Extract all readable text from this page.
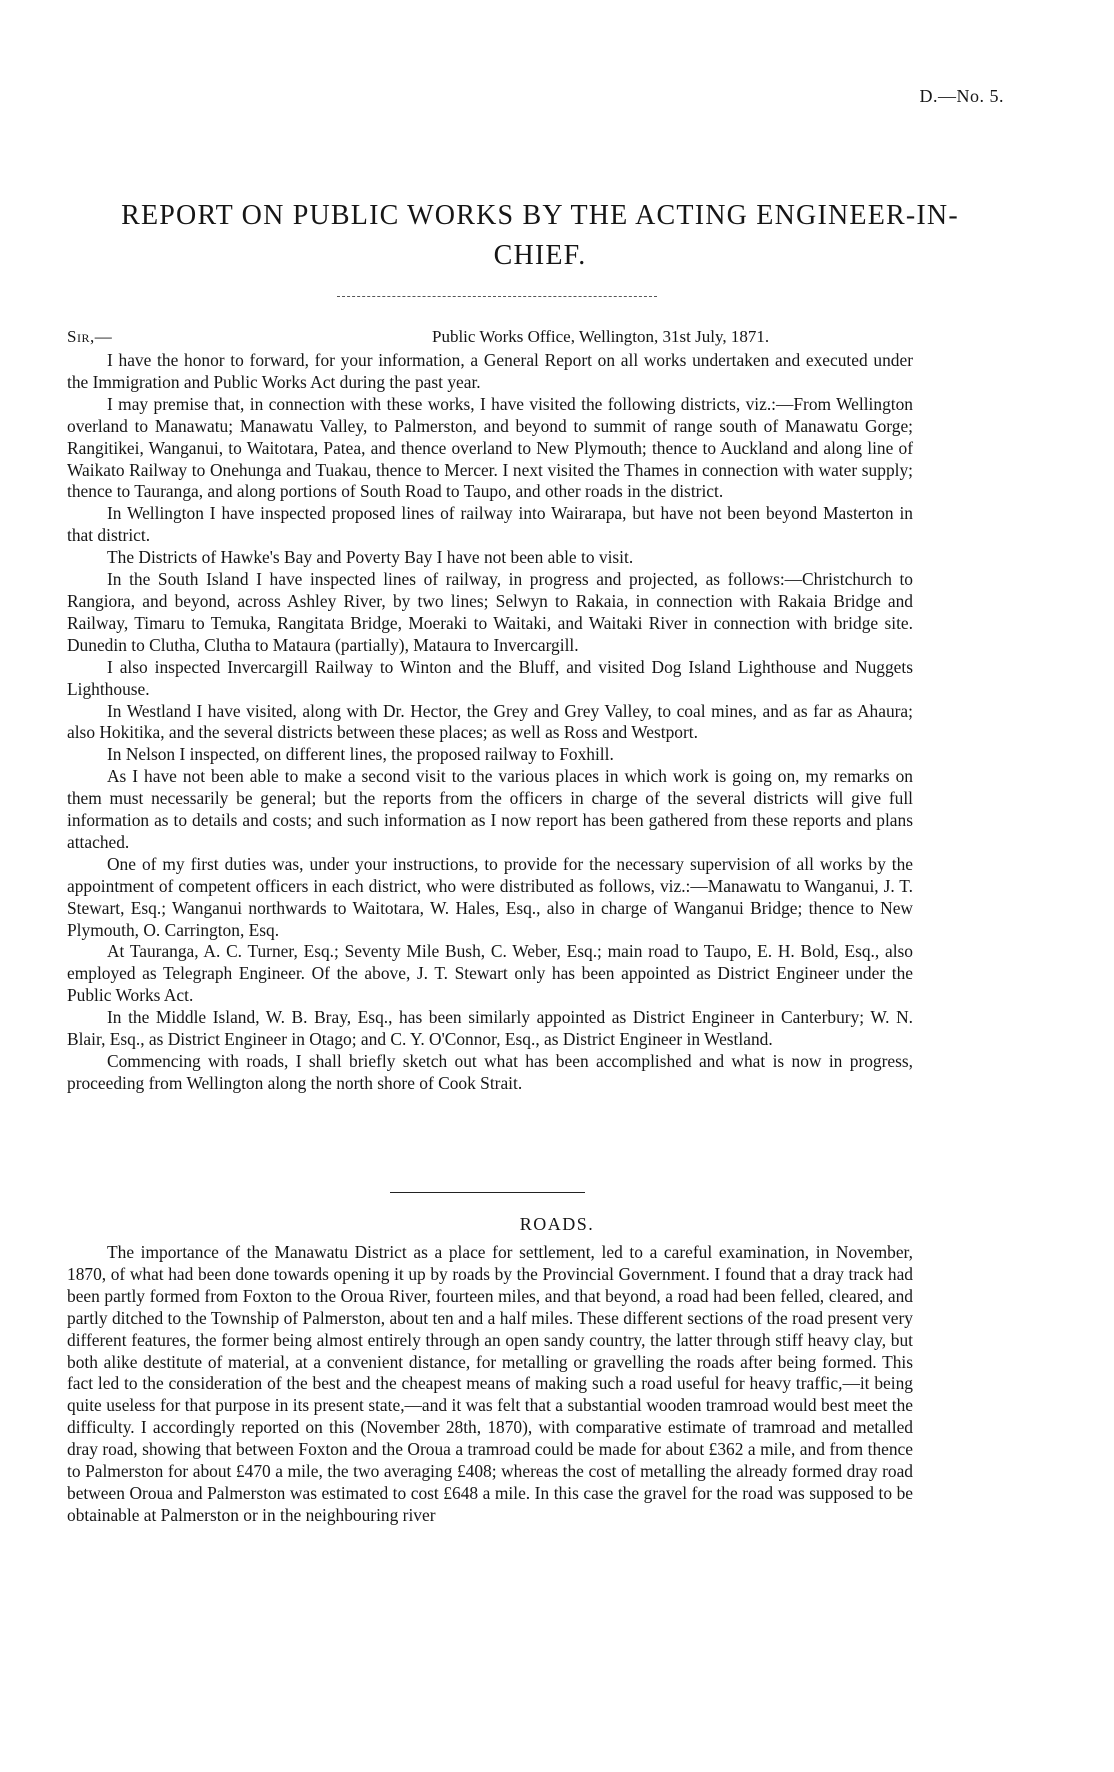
D.—No. 5.
REPORT ON PUBLIC WORKS BY THE ACTING ENGINEER-IN-CHIEF.
Sir,—	Public Works Office, Wellington, 31st July, 1871.

I have the honor to forward, for your information, a General Report on all works undertaken and executed under the Immigration and Public Works Act during the past year.

I may premise that, in connection with these works, I have visited the following districts, viz.:—From Wellington overland to Manawatu; Manawatu Valley, to Palmerston, and beyond to summit of range south of Manawatu Gorge; Rangitikei, Wanganui, to Waitotara, Patea, and thence overland to New Plymouth; thence to Auckland and along line of Waikato Railway to Onehunga and Tuakau, thence to Mercer. I next visited the Thames in connection with water supply; thence to Tauranga, and along portions of South Road to Taupo, and other roads in the district.

In Wellington I have inspected proposed lines of railway into Wairarapa, but have not been beyond Masterton in that district.

The Districts of Hawke's Bay and Poverty Bay I have not been able to visit.

In the South Island I have inspected lines of railway, in progress and projected, as follows:—Christchurch to Rangiora, and beyond, across Ashley River, by two lines; Selwyn to Rakaia, in connection with Rakaia Bridge and Railway, Timaru to Temuka, Rangitata Bridge, Moeraki to Waitaki, and Waitaki River in connection with bridge site. Dunedin to Clutha, Clutha to Mataura (partially), Mataura to Invercargill.

I also inspected Invercargill Railway to Winton and the Bluff, and visited Dog Island Lighthouse and Nuggets Lighthouse.

In Westland I have visited, along with Dr. Hector, the Grey and Grey Valley, to coal mines, and as far as Ahaura; also Hokitika, and the several districts between these places; as well as Ross and Westport.

In Nelson I inspected, on different lines, the proposed railway to Foxhill.

As I have not been able to make a second visit to the various places in which work is going on, my remarks on them must necessarily be general; but the reports from the officers in charge of the several districts will give full information as to details and costs; and such information as I now report has been gathered from these reports and plans attached.

One of my first duties was, under your instructions, to provide for the necessary supervision of all works by the appointment of competent officers in each district, who were distributed as follows, viz.:—Manawatu to Wanganui, J. T. Stewart, Esq.; Wanganui northwards to Waitotara, W. Hales, Esq., also in charge of Wanganui Bridge; thence to New Plymouth, O. Carrington, Esq.

At Tauranga, A. C. Turner, Esq.; Seventy Mile Bush, C. Weber, Esq.; main road to Taupo, E. H. Bold, Esq., also employed as Telegraph Engineer. Of the above, J. T. Stewart only has been appointed as District Engineer under the Public Works Act.

In the Middle Island, W. B. Bray, Esq., has been similarly appointed as District Engineer in Canterbury; W. N. Blair, Esq., as District Engineer in Otago; and C. Y. O'Connor, Esq., as District Engineer in Westland.

Commencing with roads, I shall briefly sketch out what has been accomplished and what is now in progress, proceeding from Wellington along the north shore of Cook Strait.

ROADS.

The importance of the Manawatu District as a place for settlement, led to a careful examination, in November, 1870, of what had been done towards opening it up by roads by the Provincial Government. I found that a dray track had been partly formed from Foxton to the Oroua River, fourteen miles, and that beyond, a road had been felled, cleared, and partly ditched to the Township of Palmerston, about ten and a half miles. These different sections of the road present very different features, the former being almost entirely through an open sandy country, the latter through stiff heavy clay, but both alike destitute of material, at a convenient distance, for metalling or gravelling the roads after being formed. This fact led to the consideration of the best and the cheapest means of making such a road useful for heavy traffic,—it being quite useless for that purpose in its present state,—and it was felt that a substantial wooden tramroad would best meet the difficulty. I accordingly reported on this (November 28th, 1870), with comparative estimate of tramroad and metalled dray road, showing that between Foxton and the Oroua a tramroad could be made for about £362 a mile, and from thence to Palmerston for about £470 a mile, the two averaging £408; whereas the cost of metalling the already formed dray road between Oroua and Palmerston was estimated to cost £648 a mile. In this case the gravel for the road was supposed to be obtainable at Palmerston or in the neighbouring river
